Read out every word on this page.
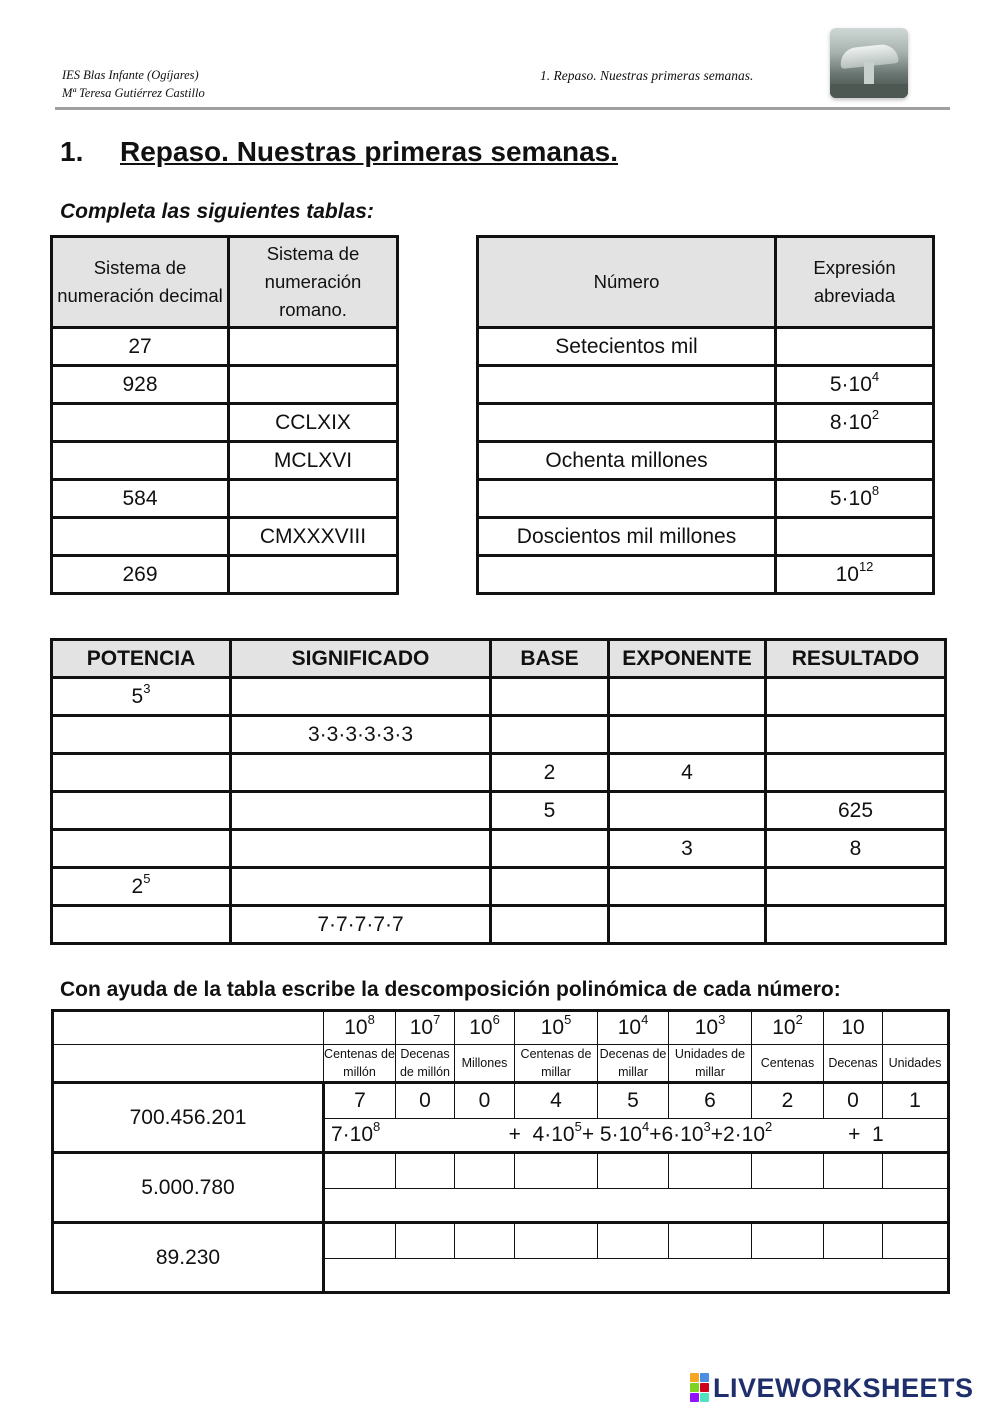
IES Blas Infante (Ogíjares)
Mª Teresa Gutiérrez Castillo
1. Repaso. Nuestras primeras semanas.
1. Repaso. Nuestras primeras semanas.
Completa las siguientes tablas:
Sistema de numeración decimal	Sistema de numeración romano.
27	
928	
	CCLXIX
	MCLXVI
584	
	CMXXXVIII
269	
Número	Expresión abreviada
Setecientos mil	
	$5\cdot 10^4$
	$8\cdot 10^2$
Ochenta millones	
	$5\cdot 10^8$
Doscientos mil millones	
	$10^{12}$
POTENCIA	SIGNIFICADO	BASE	EXPONENTE	RESULTADO
$5^3$				
	3·3·3·3·3·3			
		2	4	
		5		625
			3	8
$2^5$				
	7·7·7·7·7			
Con ayuda de la tabla escribe la descomposición polinómica de cada número:
	$10^8$	$10^7$	$10^6$	$10^5$	$10^4$	$10^3$	$10^2$	10	
	Centenas de millón	Decenas de millón	Millones	Centenas de millar	Decenas de millar	Unidades de millar	Centenas	Decenas	Unidades
700.456.201	7	0	0	4	5	6	2	0	1
	$7\cdot 10^8$                      +  $4\cdot 10^5+ 5\cdot 10^4+6\cdot 10^3+2\cdot 10^2$             +  1								
5.000.780									

89.230									

LIVEWORKSHEETS
